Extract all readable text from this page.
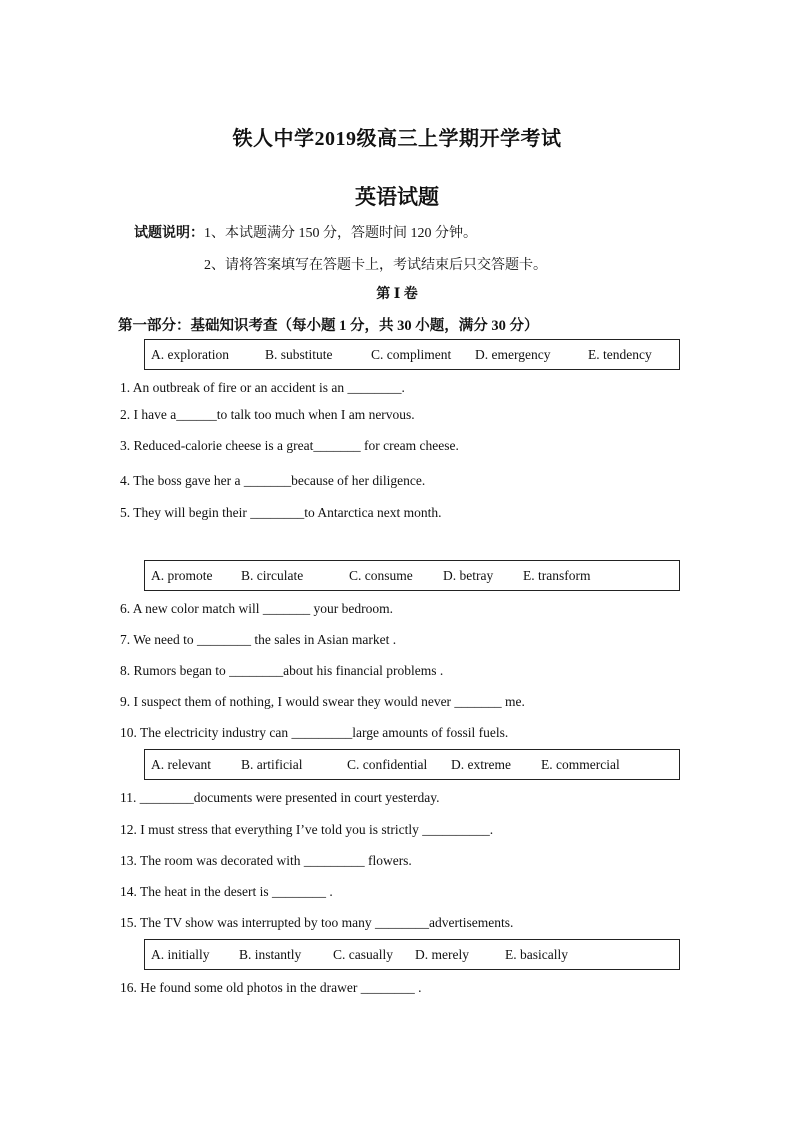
铁人中学2019级高三上学期开学考试
英语试题
试题说明：1、本试题满分 150 分，答题时间 120 分钟。
2、请将答案填写在答题卡上，考试结束后只交答题卡。
第 Ⅰ 卷
第一部分：基础知识考查（每小题 1 分，共 30 小题，满分 30 分）
A. exploration	B. substitute	C. compliment D. emergency	E. tendency
1. An outbreak of fire or an accident is an ________.
2. I have a______to talk too much when I am nervous.
3. Reduced-calorie cheese is a great_______ for cream cheese.
4. The boss gave her a _______because of her diligence.
5. They will begin their ________to Antarctica next month.
A. promote B. circulate	C. consume D. betray E. transform
6. A new color match will _______ your bedroom.
7. We need to ________ the sales in Asian market .
8. Rumors began to ________about his financial problems .
9. I suspect them of nothing, I would swear they would never _______ me.
10. The electricity industry can _________large amounts of fossil fuels.
A. relevant B. artificial	C. confidential D. extreme E. commercial
11. ________documents were presented in court yesterday.
12. I must stress that everything I’ve told you is strictly __________.
13. The room was decorated with _________ flowers.
14. The heat in the desert is ________ .
15. The TV show was interrupted by too many ________advertisements.
A. initially B. instantly C. casually D. merely	E. basically
16. He found some old photos in the drawer ________ .
